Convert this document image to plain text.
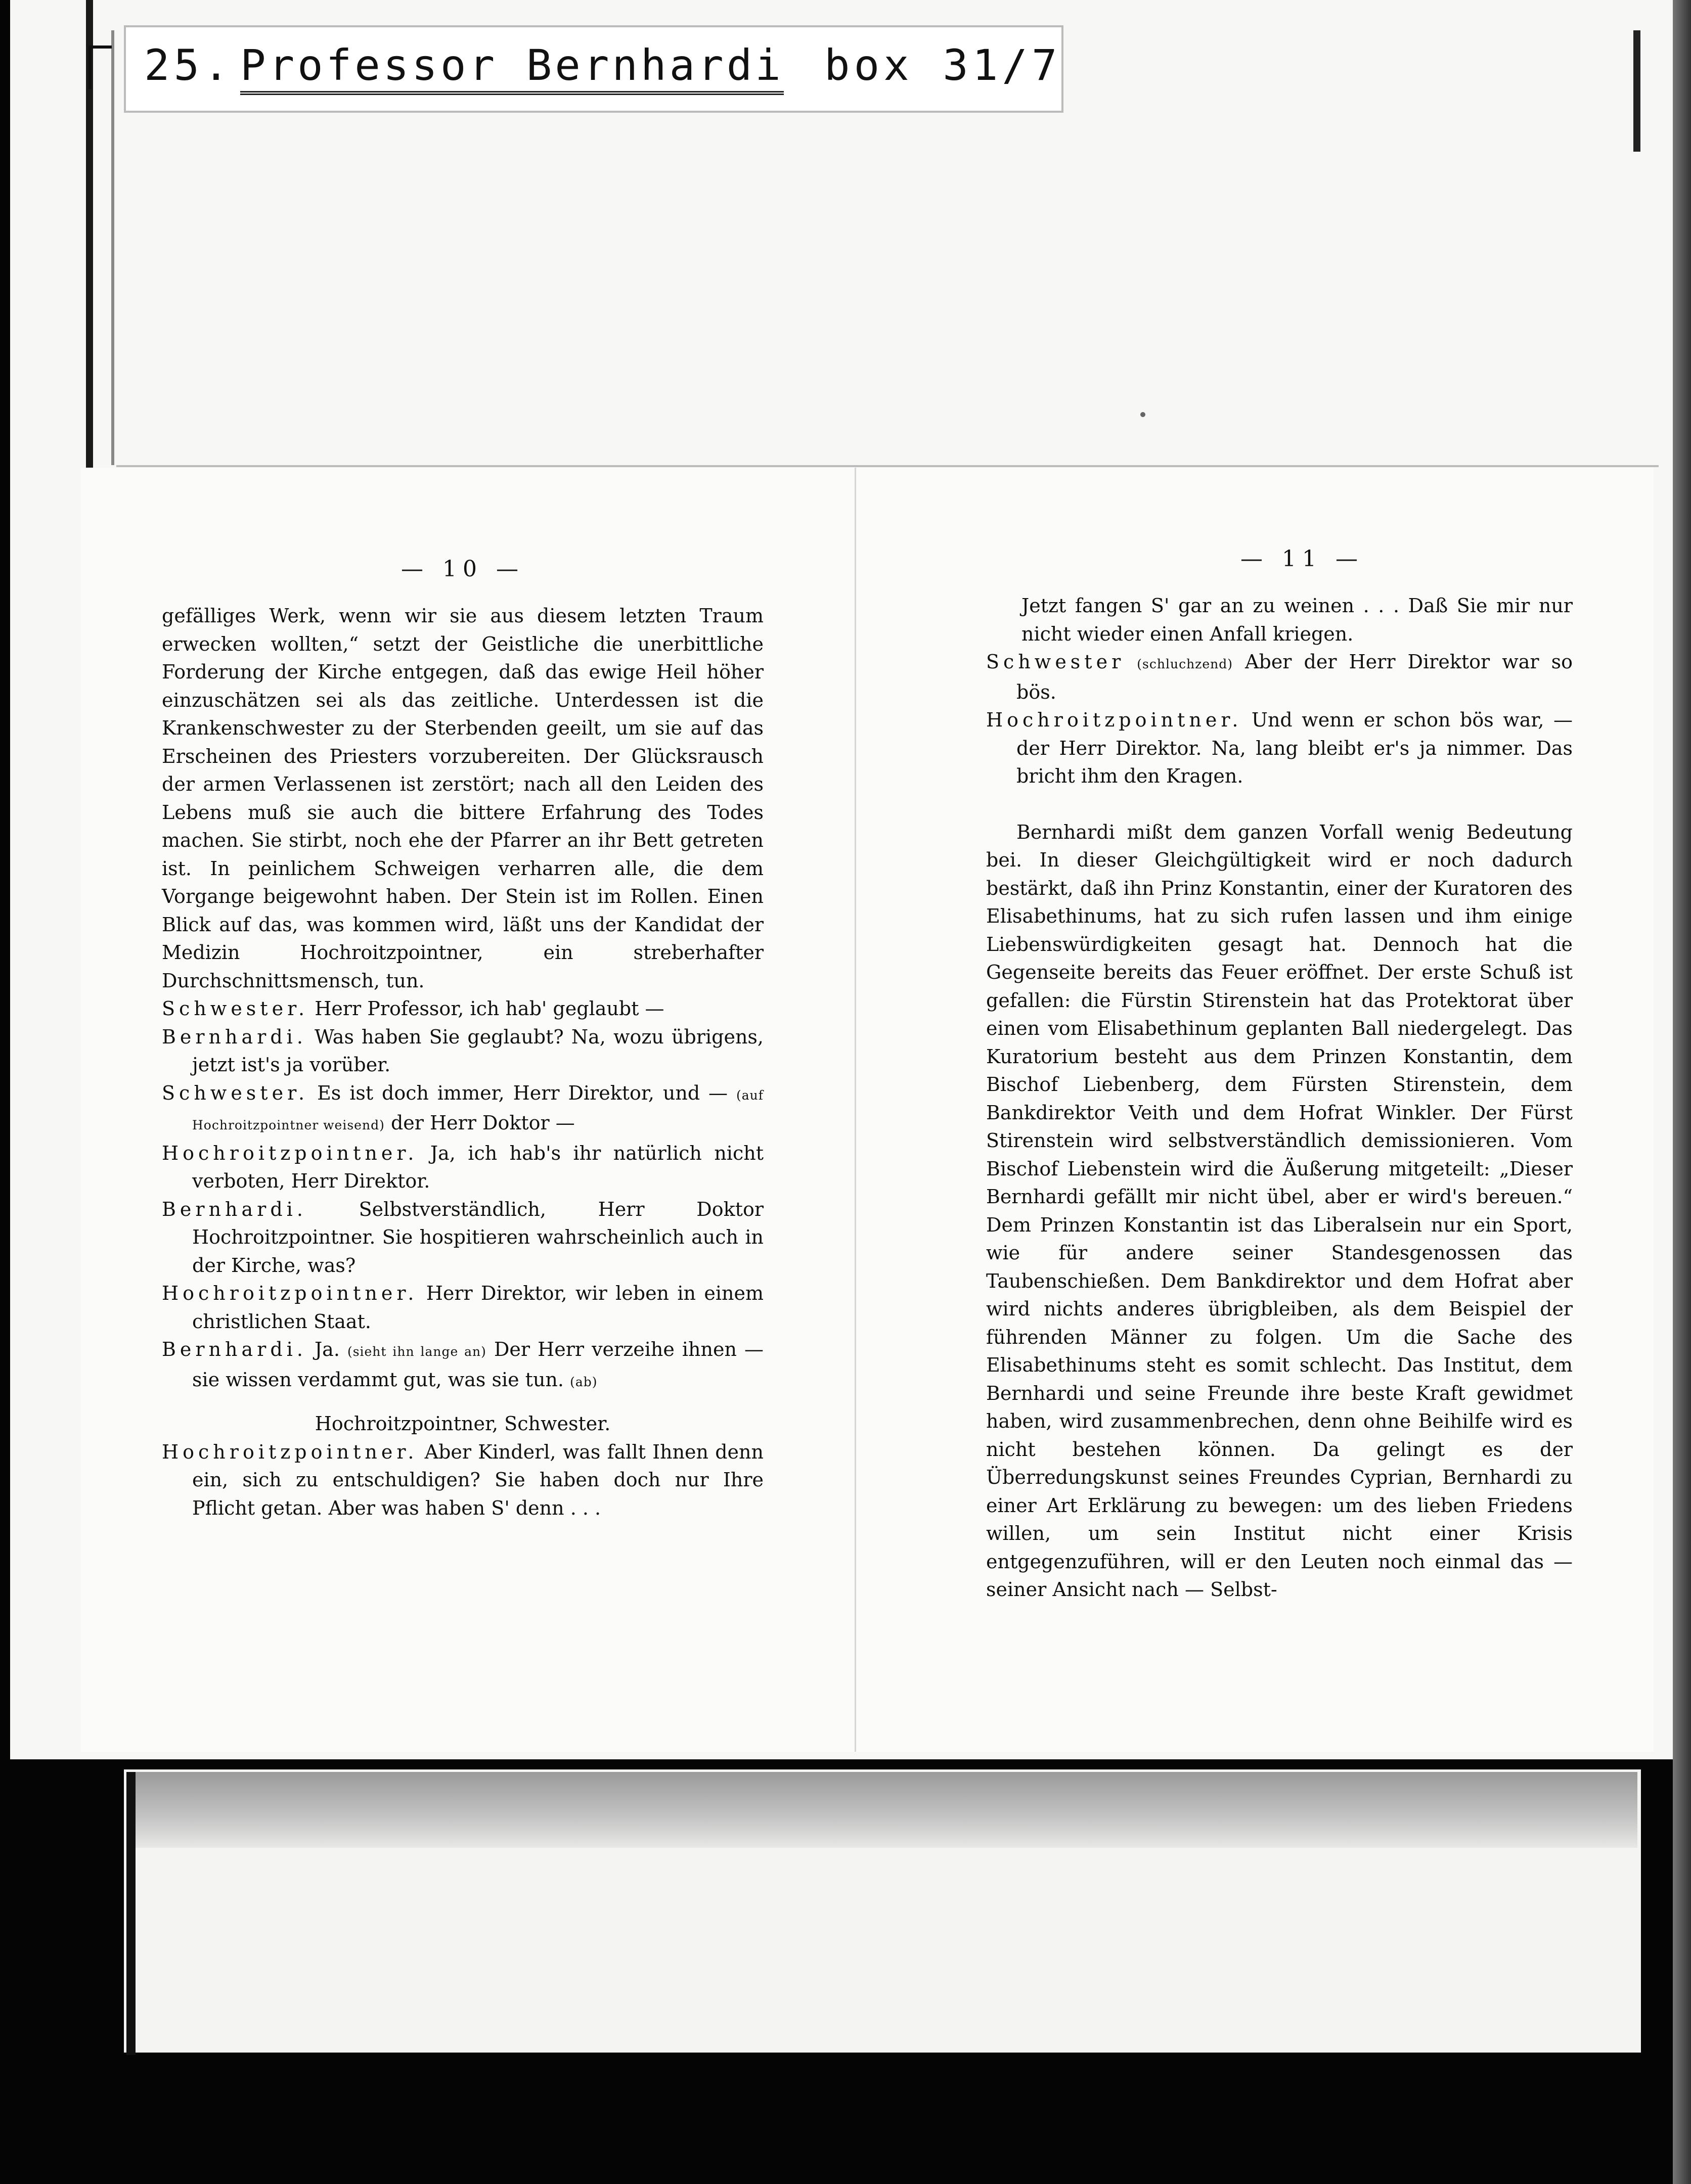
25. Professor Bernhardi box 31/7
— 10 —

gefälliges Werk, wenn wir sie aus diesem letzten Traum erwecken wollten,“ setzt der Geistliche die unerbittliche Forderung der Kirche entgegen, daß das ewige Heil höher einzuschätzen sei als das zeitliche. Unterdessen ist die Krankenschwester zu der Sterbenden geeilt, um sie auf das Erscheinen des Priesters vorzubereiten. Der Glücksrausch der armen Verlassenen ist zerstört; nach all den Leiden des Lebens muß sie auch die bittere Erfahrung des Todes machen. Sie stirbt, noch ehe der Pfarrer an ihr Bett getreten ist. In peinlichem Schweigen verharren alle, die dem Vorgange beigewohnt haben. Der Stein ist im Rollen. Einen Blick auf das, was kommen wird, läßt uns der Kandidat der Medizin Hochroitzpointner, ein streberhafter Durchschnittsmensch, tun.

Schwester. Herr Professor, ich hab' geglaubt —

Bernhardi. Was haben Sie geglaubt? Na, wozu übrigens, jetzt ist's ja vorüber.

Schwester. Es ist doch immer, Herr Direktor, und — (auf Hochroitzpointner weisend) der Herr Doktor —

Hochroitzpointner. Ja, ich hab's ihr natürlich nicht verboten, Herr Direktor.

Bernhardi.	Selbstverständlich, Herr Doktor Hochroitzpointner. Sie hospitieren wahrscheinlich auch in der Kirche, was?

Hochroitzpointner. Herr Direktor, wir leben in einem christlichen Staat.

Bernhardi. Ja. (sieht ihn lange an) Der Herr verzeihe ihnen — sie wissen verdammt gut, was sie tun. (ab)

Hochroitzpointner, Schwester.

Hochroitzpointner. Aber Kinderl, was fallt Ihnen denn ein, sich zu entschuldigen? Sie haben doch nur Ihre Pflicht getan. Aber was haben S' denn . . .

— 11 —

Jetzt fangen S' gar an zu weinen . . . Daß Sie mir nur nicht wieder einen Anfall kriegen.

Schwester (schluchzend) Aber der Herr Direktor war so bös.

Hochroitzpointner. Und wenn er schon bös war, — der Herr Direktor. Na, lang bleibt er's ja nimmer. Das bricht ihm den Kragen.

Bernhardi mißt dem ganzen Vorfall wenig Bedeutung bei. In dieser Gleichgültigkeit wird er noch dadurch bestärkt, daß ihn Prinz Konstantin, einer der Kuratoren des Elisabethinums, hat zu sich rufen lassen und ihm einige Liebenswürdigkeiten gesagt hat. Dennoch hat die Gegenseite bereits das Feuer eröffnet. Der erste Schuß ist gefallen: die Fürstin Stirenstein hat das Protektorat über einen vom Elisabethinum geplanten Ball niedergelegt. Das Kuratorium besteht aus dem Prinzen Konstantin, dem Bischof Liebenberg, dem Fürsten Stirenstein, dem Bankdirektor Veith und dem Hofrat Winkler. Der Fürst Stirenstein wird selbstverständlich demissionieren. Vom Bischof Liebenstein wird die Äußerung mitgeteilt: „Dieser Bernhardi gefällt mir nicht übel, aber er wird's bereuen.“ Dem Prinzen Konstantin ist das Liberalsein nur ein Sport, wie für andere seiner Standesgenossen das Taubenschießen. Dem Bankdirektor und dem Hofrat aber wird nichts anderes übrigbleiben, als dem Beispiel der führenden Männer zu folgen. Um die Sache des Elisabethinums steht es somit schlecht. Das Institut, dem Bernhardi und seine Freunde ihre beste Kraft gewidmet haben, wird zusammenbrechen, denn ohne Beihilfe wird es nicht bestehen können. Da gelingt es der Überredungskunst seines Freundes Cyprian, Bernhardi zu einer Art Erklärung zu bewegen: um des lieben Friedens willen, um sein Institut nicht einer Krisis entgegenzuführen, will er den Leuten noch einmal das — seiner Ansicht nach — Selbst-
